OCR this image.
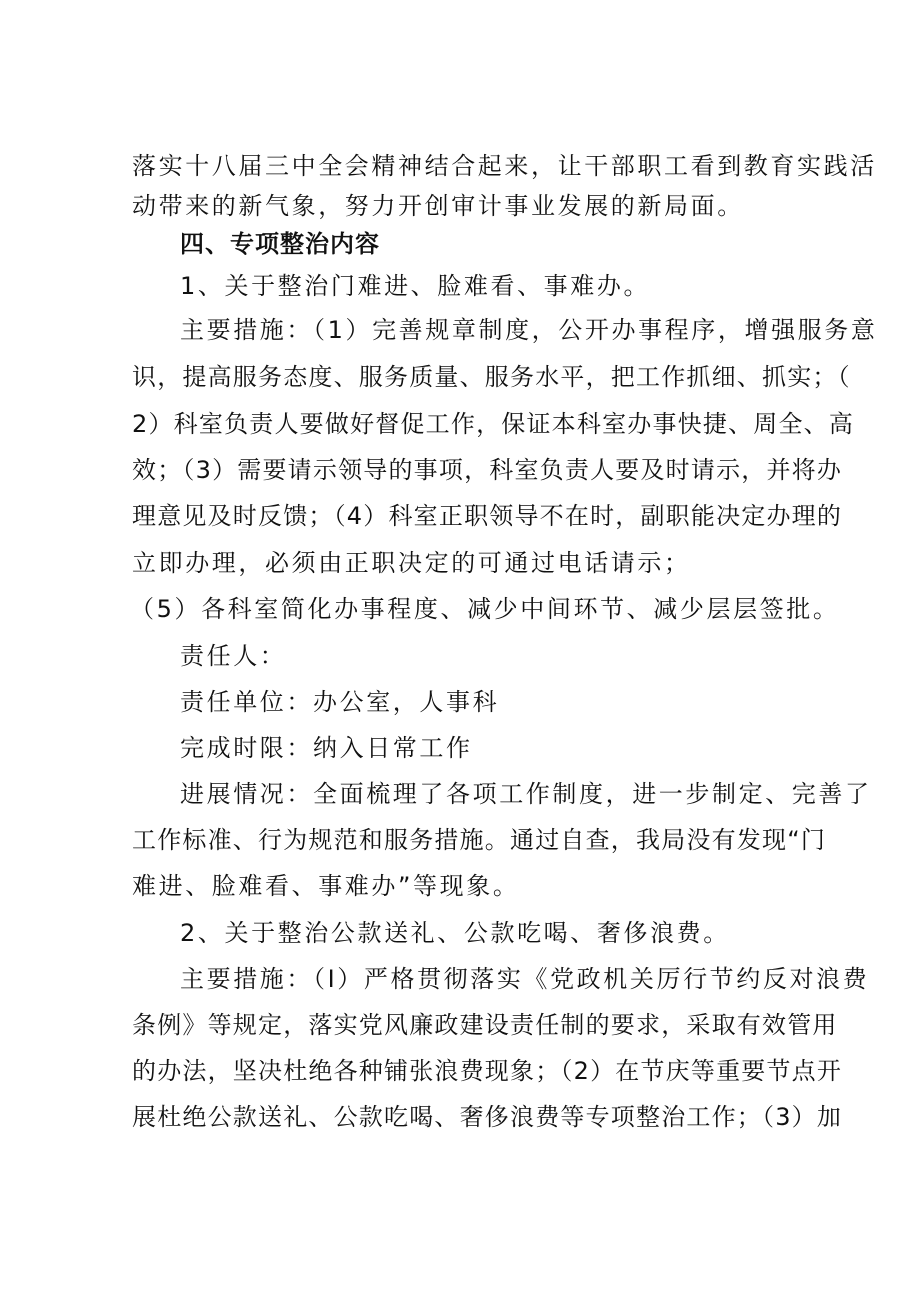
落实十八届三中全会精神结合起来，让干部职工看到教育实践活
动带来的新气象，努力开创审计事业发展的新局面。
四、专项整治内容
1、关于整治门难进、脸难看、事难办。
主要措施：（1）完善规章制度，公开办事程序，增强服务意
识，提高服务态度、服务质量、服务水平，把工作抓细、抓实；（
2）科室负责人要做好督促工作，保证本科室办事快捷、周全、高
效；（3）需要请示领导的事项，科室负责人要及时请示，并将办
理意见及时反馈；（4）科室正职领导不在时，副职能决定办理的
立即办理，必须由正职决定的可通过电话请示；
（5）各科室简化办事程度、减少中间环节、减少层层签批。
责任人：
责任单位：办公室，人事科
完成时限：纳入日常工作
进展情况：全面梳理了各项工作制度，进一步制定、完善了
工作标准、行为规范和服务措施。通过自查，我局没有发现“门
难进、脸难看、事难办”等现象。
2、关于整治公款送礼、公款吃喝、奢侈浪费。
主要措施：（I）严格贯彻落实《党政机关厉行节约反对浪费
条例》等规定，落实党风廉政建设责任制的要求，采取有效管用
的办法，坚决杜绝各种铺张浪费现象；（2）在节庆等重要节点开
展杜绝公款送礼、公款吃喝、奢侈浪费等专项整治工作；（3）加
